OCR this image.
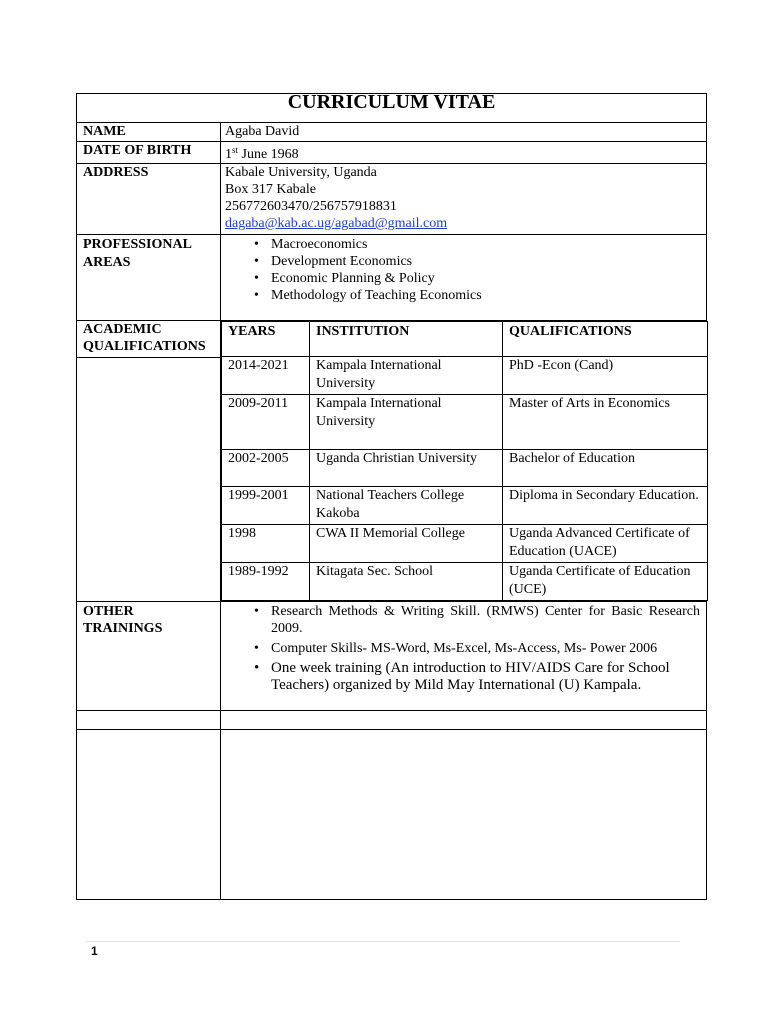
CURRICULUM VITAE
NAME	Agaba David
DATE OF BIRTH	1st June 1968
ADDRESS	Kabale University, Uganda
Box 317 Kabale
256772603470/256757918831
dagaba@kab.ac.ug/agabad@gmail.com

PROFESSIONAL
AREAS

• Macroeconomics
• Development Economics
• Economic Planning & Policy
• Methodology of Teaching Economics

ACADEMIC
QUALIFICATIONS

YEARS	INSTITUTION	QUALIFICATIONS
2014-2021	Kampala International University	PhD -Econ (Cand)
2009-2011	Kampala International University	Master of Arts in Economics
2002-2005	Uganda Christian University	Bachelor of Education
1999-2001	National Teachers College Kakoba	Diploma in Secondary Education.
1998	CWA II Memorial College	Uganda Advanced Certificate of Education (UACE)
1989-1992	Kitagata Sec. School	Uganda Certificate of Education (UCE)

OTHER
TRAININGS

• Research Methods & Writing Skill. (RMWS) Center for Basic Research 2009.
• Computer Skills- MS-Word, Ms-Excel, Ms-Access, Ms- Power 2006
• One week training (An introduction to HIV/AIDS Care for School Teachers) organized by Mild May International (U) Kampala.

1
